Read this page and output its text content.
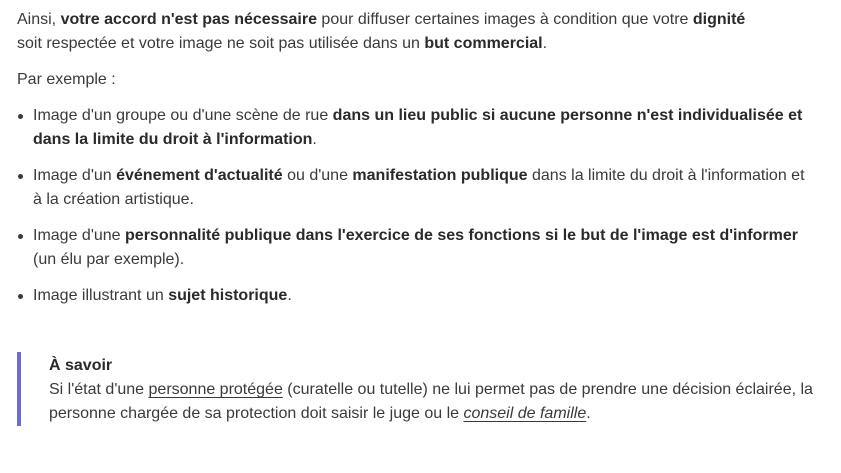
Ainsi, votre accord n'est pas nécessaire pour diffuser certaines images à condition que votre dignité
soit respectée et votre image ne soit pas utilisée dans un but commercial.

Par exemple :

Image d'un groupe ou d'une scène de rue dans un lieu public si aucune personne n'est individualisée et dans la limite du droit à l'information.
Image d'un événement d'actualité ou d'une manifestation publique dans la limite du droit à l'information et à la création artistique.
Image d'une personnalité publique dans l'exercice de ses fonctions si le but de l'image est d'informer (un élu par exemple).
Image illustrant un sujet historique.

À savoir

Si l'état d'une personne protégée (curatelle ou tutelle) ne lui permet pas de prendre une décision éclairée, la personne chargée de sa protection doit saisir le juge ou le conseil de famille.
